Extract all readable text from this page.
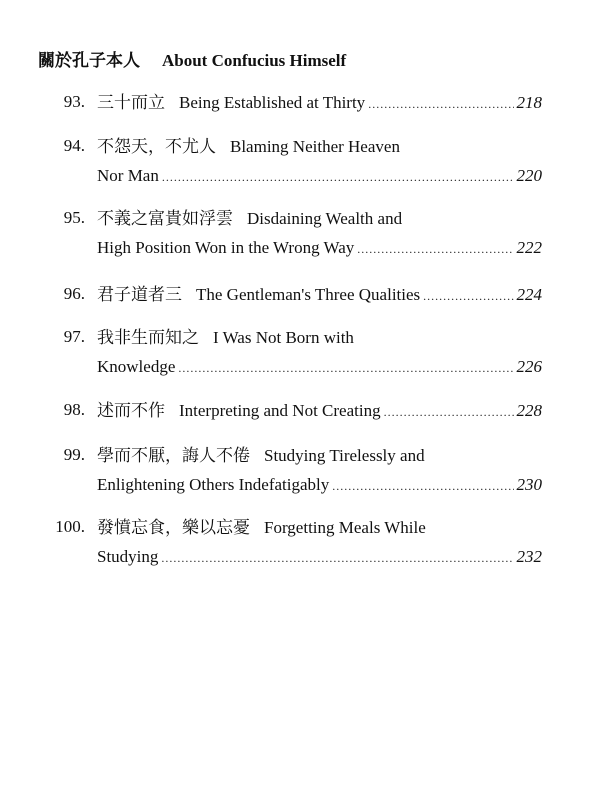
關於孔子本人 About Confucius Himself
93. 三十而立 Being Established at Thirty .....	218
94. 不怨天，不尤人 Blaming Neither Heaven
Nor Man .....	220
95. 不義之富貴如浮雲 Disdaining Wealth and
High Position Won in the Wrong Way .....	222
96. 君子道者三 The Gentleman's Three Qualities .....	224
97. 我非生而知之 I Was Not Born with
Knowledge .....	226
98. 述而不作 Interpreting and Not Creating .....	228
99. 學而不厭，誨人不倦 Studying Tirelessly and
Enlightening Others Indefatigably .....	230
100. 發憤忘食，樂以忘憂 Forgetting Meals While
Studying .....	232
